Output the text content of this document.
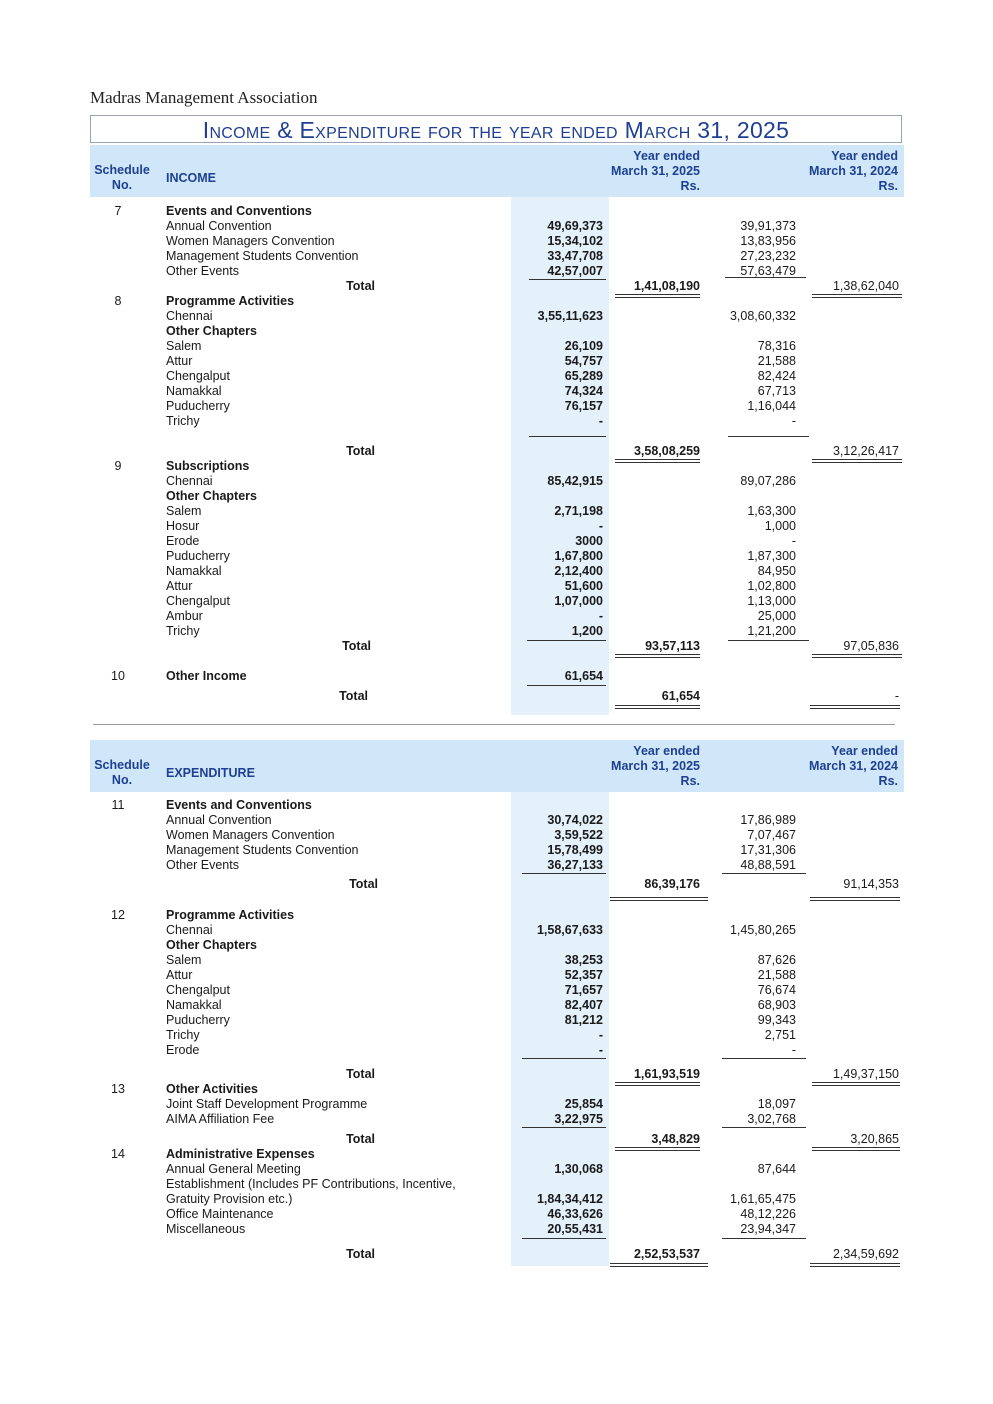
Madras Management Association
Income & Expenditure for the year ended March 31, 2025
Schedule
No.	INCOME
Year ended
March 31, 2025
Rs.
Year ended
March 31, 2024
Rs.
7	Events and Conventions
Annual Convention	49,69,373	39,91,373
Women Managers Convention	15,34,102	13,83,956
Management Students Convention	33,47,708	27,23,232
Other Events	42,57,007	57,63,479
Total	1,41,08,190	1,38,62,040
8	Programme Activities
Chennai	3,55,11,623	3,08,60,332
Other Chapters
Salem	26,109	78,316
Attur	54,757	21,588
Chengalput	65,289	82,424
Namakkal	74,324	67,713
Puducherry	76,157	1,16,044
Trichy	-	-
Total	3,58,08,259	3,12,26,417
9	Subscriptions
Chennai	85,42,915	89,07,286
Other Chapters
Salem	2,71,198	1,63,300
Hosur	-	1,000
Erode	3000	-
Puducherry	1,67,800	1,87,300
Namakkal	2,12,400	84,950
Attur	51,600	1,02,800
Chengalput	1,07,000	1,13,000
Ambur	-	25,000
Trichy	1,200	1,21,200
Total	93,57,113	97,05,836
10	Other Income	61,654
Total	61,654	-
Schedule
No.	EXPENDITURE
Year ended
March 31, 2025
Rs.
Year ended
March 31, 2024
Rs.
11	Events and Conventions
Annual Convention	30,74,022	17,86,989
Women Managers Convention	3,59,522	7,07,467
Management Students Convention	15,78,499	17,31,306
Other Events	36,27,133	48,88,591
Total	86,39,176	91,14,353
12	Programme Activities
Chennai	1,58,67,633	1,45,80,265
Other Chapters
Salem	38,253	87,626
Attur	52,357	21,588
Chengalput	71,657	76,674
Namakkal	82,407	68,903
Puducherry	81,212	99,343
Trichy	-	2,751
Erode	-	-
Total	1,61,93,519	1,49,37,150
13	Other Activities
Joint Staff Development Programme	25,854	18,097
AIMA Affiliation Fee	3,22,975	3,02,768
Total	3,48,829	3,20,865
14	Administrative Expenses
Annual General Meeting	1,30,068	87,644
Establishment (Includes PF Contributions, Incentive,
Gratuity Provision etc.)	1,84,34,412	1,61,65,475
Office Maintenance	46,33,626	48,12,226
Miscellaneous	20,55,431	23,94,347
Total	2,52,53,537	2,34,59,692
